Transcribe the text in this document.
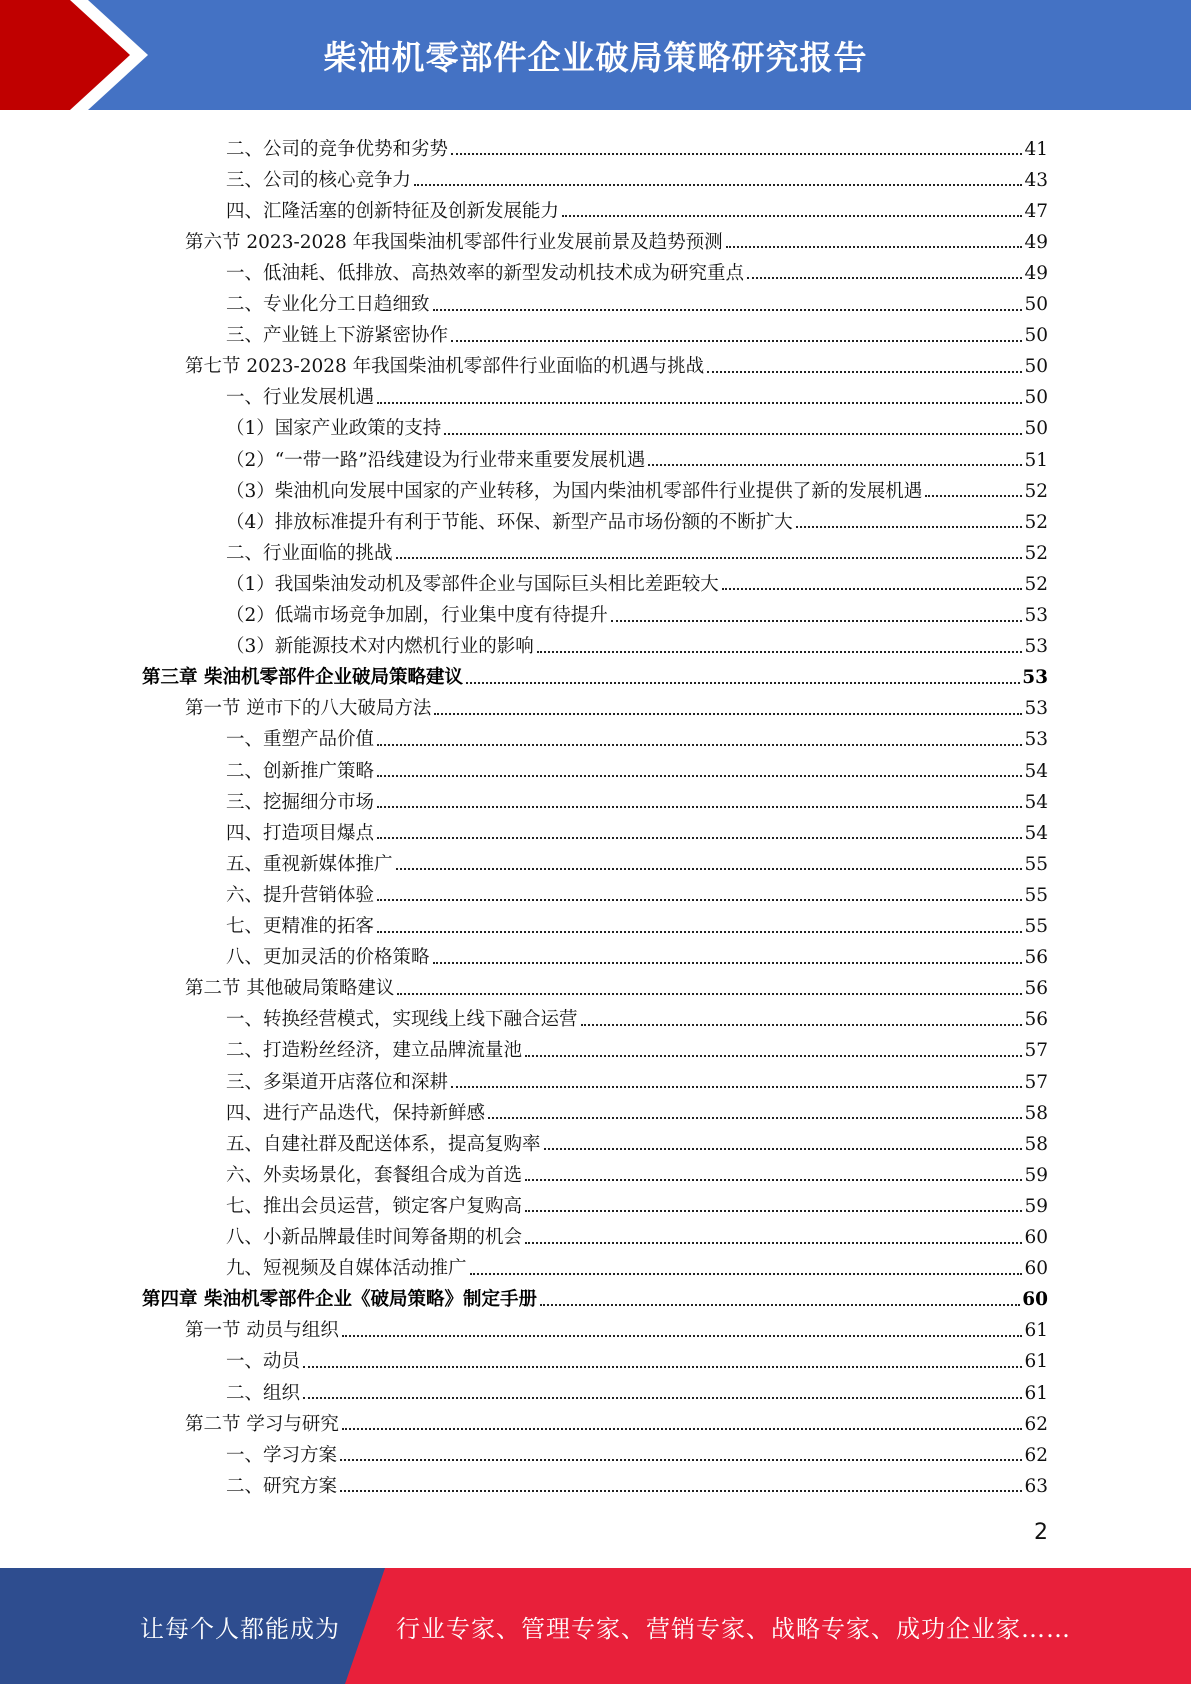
柴油机零部件企业破局策略研究报告
二、公司的竞争优势和劣势	41
三、公司的核心竞争力	43
四、汇隆活塞的创新特征及创新发展能力	47
第六节 2023-2028 年我国柴油机零部件行业发展前景及趋势预测	49
一、低油耗、低排放、高热效率的新型发动机技术成为研究重点	49
二、专业化分工日趋细致	50
三、产业链上下游紧密协作	50
第七节 2023-2028 年我国柴油机零部件行业面临的机遇与挑战	50
一、行业发展机遇	50
（1）国家产业政策的支持	50
（2）“一带一路”沿线建设为行业带来重要发展机遇	51
（3）柴油机向发展中国家的产业转移，为国内柴油机零部件行业提供了新的发展机遇	52
（4）排放标准提升有利于节能、环保、新型产品市场份额的不断扩大	52
二、行业面临的挑战	52
（1）我国柴油发动机及零部件企业与国际巨头相比差距较大	52
（2）低端市场竞争加剧，行业集中度有待提升	53
（3）新能源技术对内燃机行业的影响	53
第三章 柴油机零部件企业破局策略建议	53
第一节 逆市下的八大破局方法	53
一、重塑产品价值	53
二、创新推广策略	54
三、挖掘细分市场	54
四、打造项目爆点	54
五、重视新媒体推广	55
六、提升营销体验	55
七、更精准的拓客	55
八、更加灵活的价格策略	56
第二节 其他破局策略建议	56
一、转换经营模式，实现线上线下融合运营	56
二、打造粉丝经济，建立品牌流量池	57
三、多渠道开店落位和深耕	57
四、进行产品迭代，保持新鲜感	58
五、自建社群及配送体系，提高复购率	58
六、外卖场景化，套餐组合成为首选	59
七、推出会员运营，锁定客户复购高	59
八、小新品牌最佳时间筹备期的机会	60
九、短视频及自媒体活动推广	60
第四章 柴油机零部件企业《破局策略》制定手册	60
第一节 动员与组织	61
一、动员	61
二、组织	61
第二节 学习与研究	62
一、学习方案	62
二、研究方案	63
2
让每个人都能成为 行业专家、管理专家、营销专家、战略专家、成功企业家……
